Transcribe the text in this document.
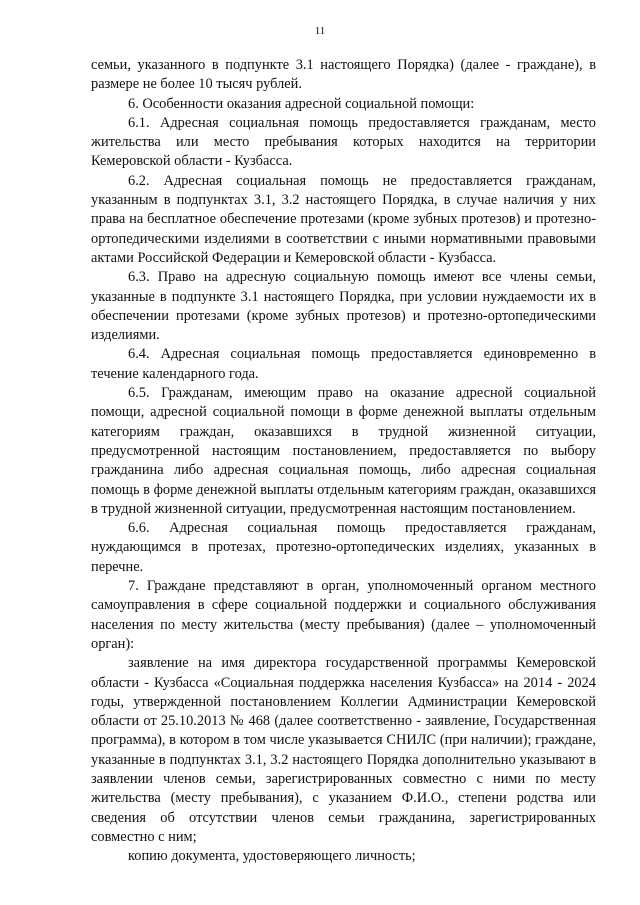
11

семьи, указанного в подпункте 3.1 настоящего Порядка) (далее - граждане), в размере не более 10 тысяч рублей.

6. Особенности оказания адресной социальной помощи:

6.1. Адресная социальная помощь предоставляется гражданам, место жительства или место пребывания которых находится на территории Кемеровской области - Кузбасса.

6.2. Адресная социальная помощь не предоставляется гражданам, указанным в подпунктах 3.1, 3.2 настоящего Порядка, в случае наличия у них права на бесплатное обеспечение протезами (кроме зубных протезов) и протезно-ортопедическими изделиями в соответствии с иными нормативными правовыми актами Российской Федерации и Кемеровской области - Кузбасса.

6.3. Право на адресную социальную помощь имеют все члены семьи, указанные в подпункте 3.1 настоящего Порядка, при условии нуждаемости их в обеспечении протезами (кроме зубных протезов) и протезно-ортопедическими изделиями.

6.4. Адресная социальная помощь предоставляется единовременно в течение календарного года.

6.5. Гражданам, имеющим право на оказание адресной социальной помощи, адресной социальной помощи в форме денежной выплаты отдельным категориям граждан, оказавшихся в трудной жизненной ситуации, предусмотренной настоящим постановлением, предоставляется по выбору гражданина либо адресная социальная помощь, либо адресная социальная помощь в форме денежной выплаты отдельным категориям граждан, оказавшихся в трудной жизненной ситуации, предусмотренная настоящим постановлением.

6.6. Адресная социальная помощь предоставляется гражданам, нуждающимся в протезах, протезно-ортопедических изделиях, указанных в перечне.

7. Граждане представляют в орган, уполномоченный органом местного самоуправления в сфере социальной поддержки и социального обслуживания населения по месту жительства (месту пребывания) (далее – уполномоченный орган):

заявление на имя директора государственной программы Кемеровской области - Кузбасса «Социальная поддержка населения Кузбасса» на 2014 - 2024 годы, утвержденной постановлением Коллегии Администрации Кемеровской области от 25.10.2013 № 468 (далее соответственно - заявление, Государственная программа), в котором в том числе указывается СНИЛС (при наличии); граждане, указанные в подпунктах 3.1, 3.2 настоящего Порядка дополнительно указывают в заявлении членов семьи, зарегистрированных совместно с ними по месту жительства (месту пребывания), с указанием Ф.И.О., степени родства или сведения об отсутствии членов семьи гражданина, зарегистрированных совместно с ним;

копию документа, удостоверяющего личность;
